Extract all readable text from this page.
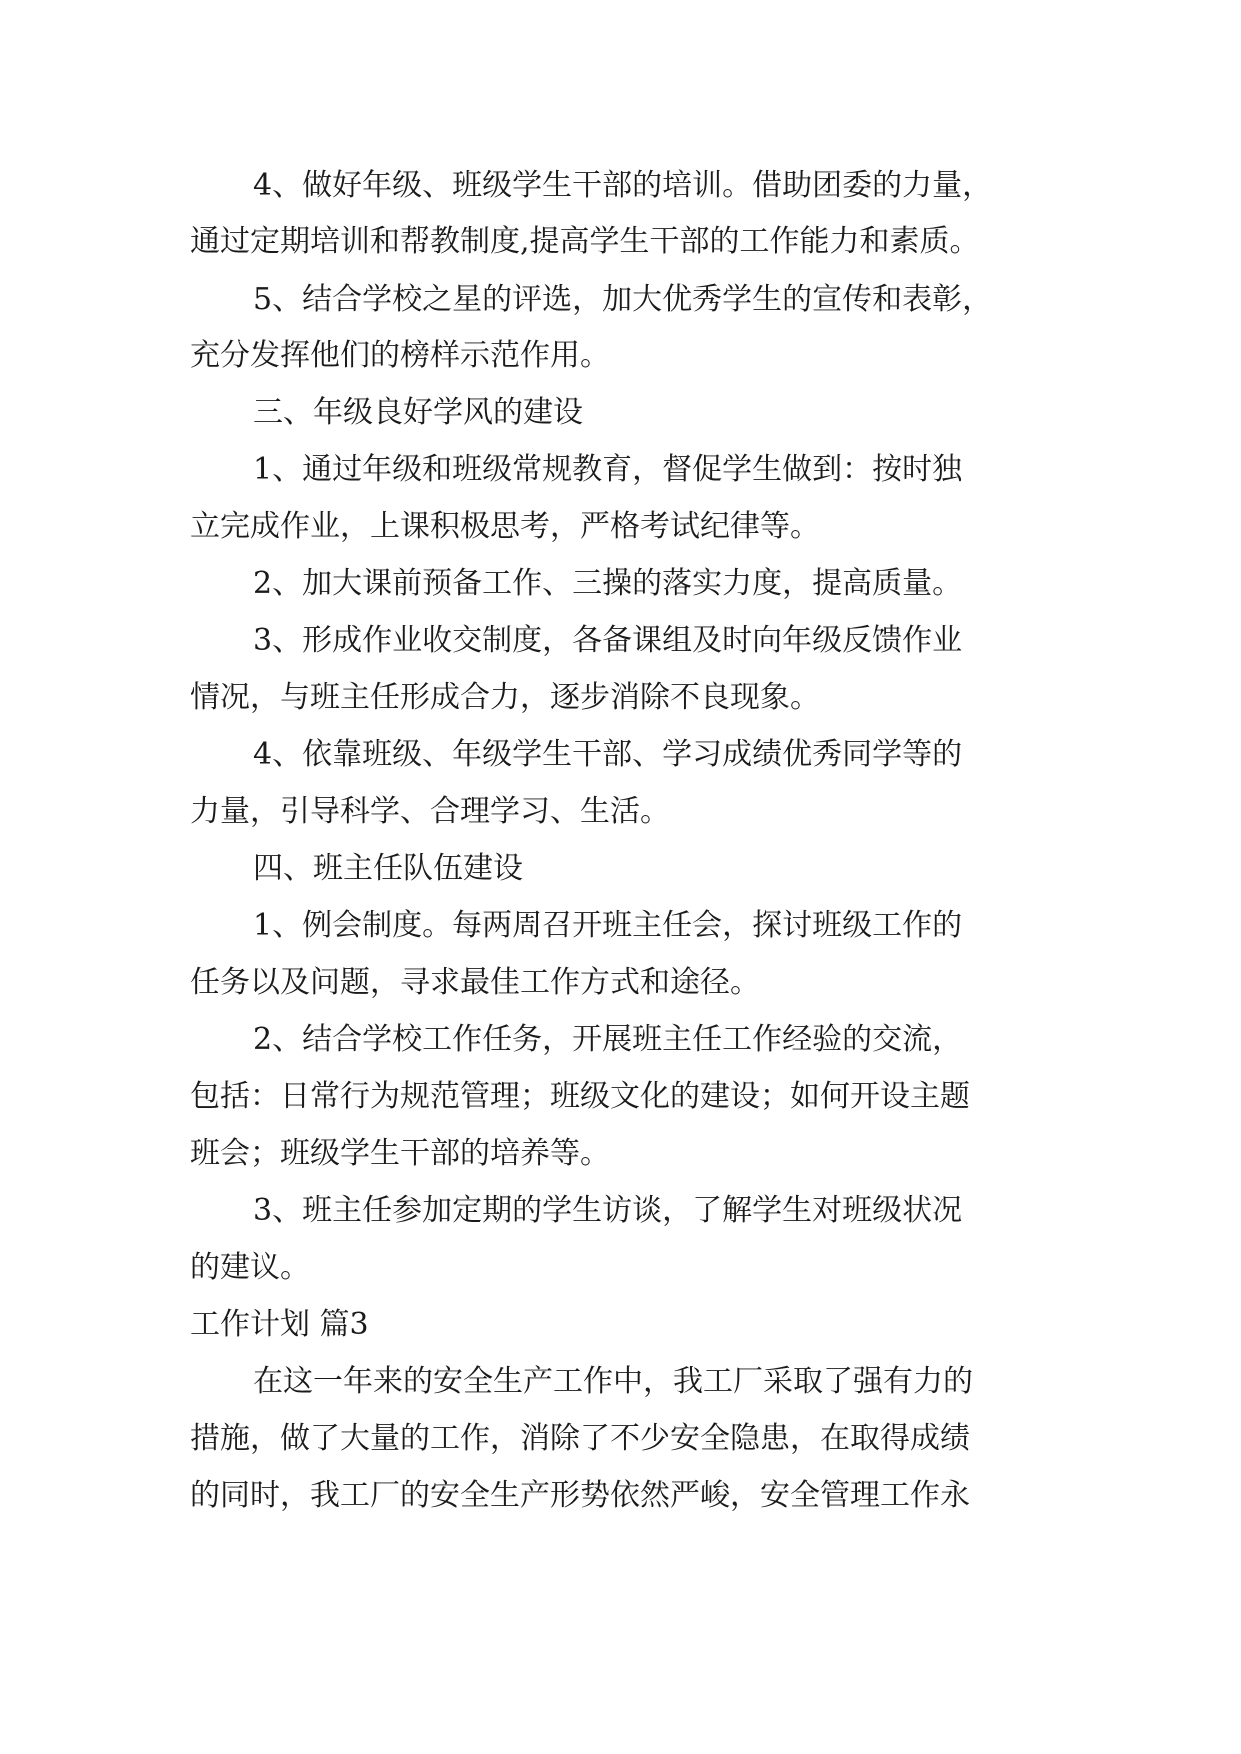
4、做好年级、班级学生干部的培训。借助团委的力量，

通过定期培训和帮教制度,提高学生干部的工作能力和素质。

5、结合学校之星的评选，加大优秀学生的宣传和表彰，

充分发挥他们的榜样示范作用。

三、年级良好学风的建设

1、通过年级和班级常规教育，督促学生做到：按时独

立完成作业，上课积极思考，严格考试纪律等。

2、加大课前预备工作、三操的落实力度，提高质量。

3、形成作业收交制度，各备课组及时向年级反馈作业

情况，与班主任形成合力，逐步消除不良现象。

4、依靠班级、年级学生干部、学习成绩优秀同学等的

力量，引导科学、合理学习、生活。

四、班主任队伍建设

1、例会制度。每两周召开班主任会，探讨班级工作的

任务以及问题，寻求最佳工作方式和途径。

2、结合学校工作任务，开展班主任工作经验的交流，

包括：日常行为规范管理；班级文化的建设；如何开设主题

班会；班级学生干部的培养等。

3、班主任参加定期的学生访谈，了解学生对班级状况

的建议。

工作计划 篇3

在这一年来的安全生产工作中，我工厂采取了强有力的

措施，做了大量的工作，消除了不少安全隐患，在取得成绩

的同时，我工厂的安全生产形势依然严峻，安全管理工作永
